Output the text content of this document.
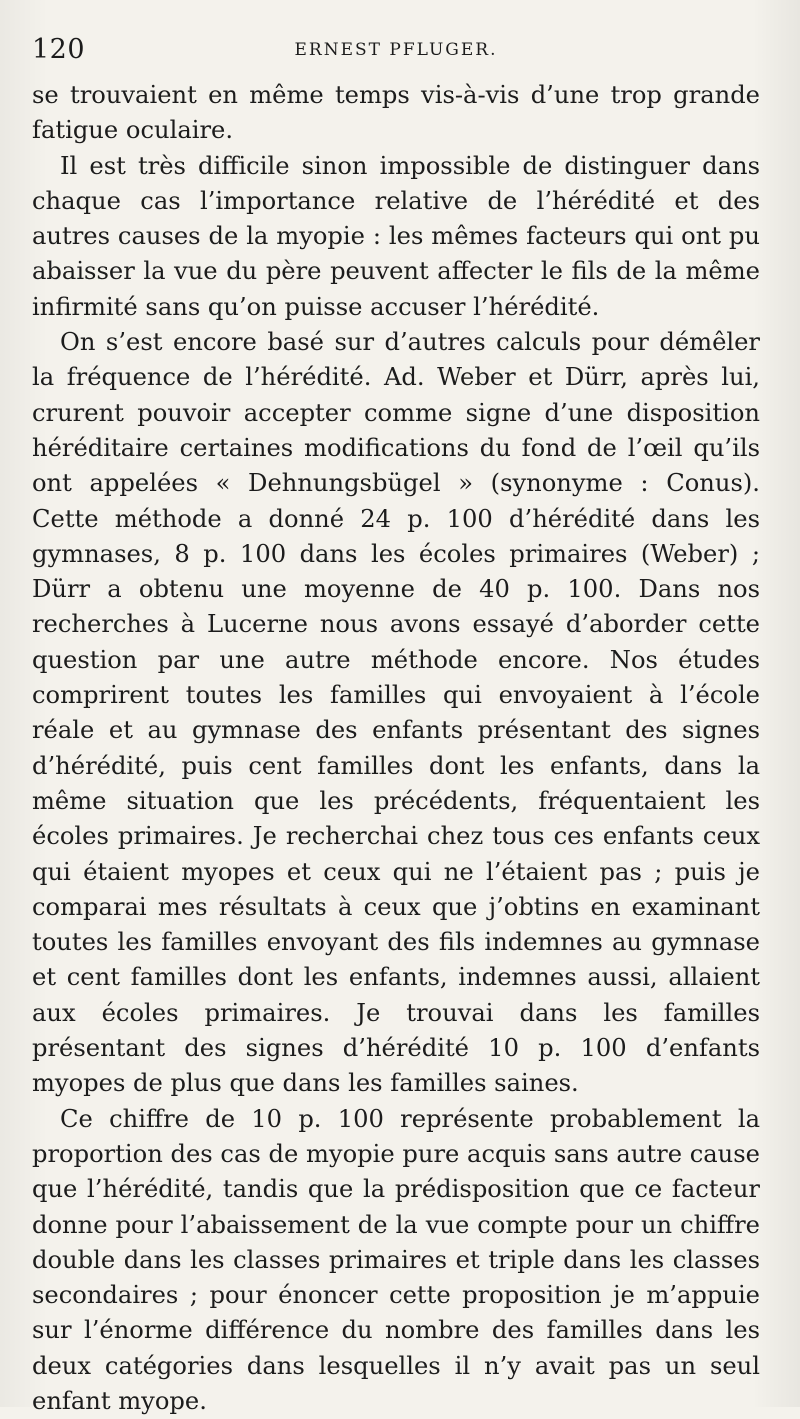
120	ERNEST PFLUGER.

se trouvaient en même temps vis-à-vis d’une trop grande fatigue oculaire.

Il est très difficile sinon impossible de distinguer dans chaque cas l’importance relative de l’hérédité et des autres causes de la myopie : les mêmes facteurs qui ont pu abaisser la vue du père peuvent affecter le fils de la même infirmité sans qu’on puisse accuser l’hérédité.

On s’est encore basé sur d’autres calculs pour démêler la fréquence de l’hérédité. Ad. Weber et Dürr, après lui, crurent pouvoir accepter comme signe d’une disposition héréditaire certaines modifications du fond de l’œil qu’ils ont appelées « Dehnungsbügel » (synonyme : Conus). Cette méthode a donné 24 p. 100 d’hérédité dans les gymnases, 8 p. 100 dans les écoles primaires (Weber) ; Dürr a obtenu une moyenne de 40 p. 100. Dans nos recherches à Lucerne nous avons essayé d’aborder cette question par une autre méthode encore. Nos études comprirent toutes les familles qui envoyaient à l’école réale et au gymnase des enfants présentant des signes d’hérédité, puis cent familles dont les enfants, dans la même situation que les précédents, fréquentaient les écoles primaires. Je recherchai chez tous ces enfants ceux qui étaient myopes et ceux qui ne l’étaient pas ; puis je comparai mes résultats à ceux que j’obtins en examinant toutes les familles envoyant des fils indemnes au gymnase et cent familles dont les enfants, indemnes aussi, allaient aux écoles primaires. Je trouvai dans les familles présentant des signes d’hérédité 10 p. 100 d’enfants myopes de plus que dans les familles saines.

Ce chiffre de 10 p. 100 représente probablement la proportion des cas de myopie pure acquis sans autre cause que l’hérédité, tandis que la prédisposition que ce facteur donne pour l’abaissement de la vue compte pour un chiffre double dans les classes primaires et triple dans les classes secondaires ; pour énoncer cette proposition je m’appuie sur l’énorme différence du nombre des familles dans les deux catégories dans lesquelles il n’y avait pas un seul enfant myope.
